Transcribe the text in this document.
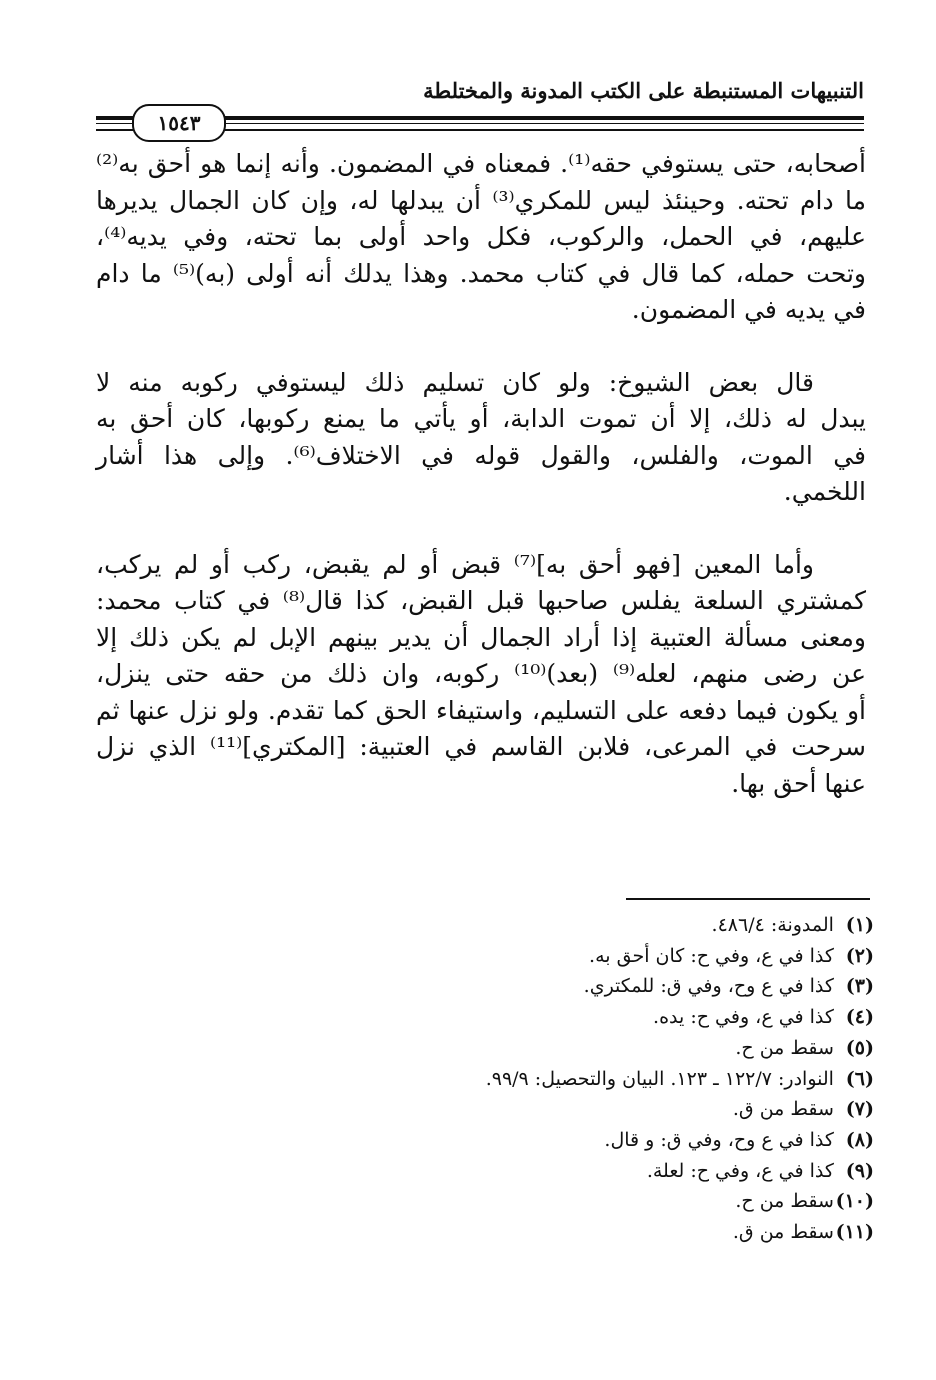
التنبيهات المستنبطة على الكتب المدونة والمختلطة
١٥٤٣

أصحابه، حتى يستوفي حقه⁽¹⁾. فمعناه في المضمون. وأنه إنما هو أحق به⁽²⁾
ما دام تحته. وحينئذ ليس للمكري⁽³⁾ أن يبدلها له، وإن كان الجمال يديرها
عليهم، في الحمل، والركوب، فكل واحد أولى بما تحته، وفي يديه⁽⁴⁾،
وتحت حمله، كما قال في كتاب محمد. وهذا يدلك أنه أولى (به)⁽⁵⁾ ما دام
في يديه في المضمون.

قال بعض الشيوخ: ولو كان تسليم ذلك ليستوفي ركوبه منه لا
يبدل له ذلك، إلا أن تموت الدابة، أو يأتي ما يمنع ركوبها، كان أحق به
في الموت، والفلس، والقول قوله في الاختلاف⁽⁶⁾. وإلى هذا أشار
اللخمي.

وأما المعين [فهو أحق به]⁽⁷⁾ قبض أو لم يقبض، ركب أو لم يركب،
كمشتري السلعة يفلس صاحبها قبل القبض، كذا قال⁽⁸⁾ في كتاب محمد:
ومعنى مسألة العتبية إذا أراد الجمال أن يدير بينهم الإبل لم يكن ذلك إلا
عن رضى منهم، لعله⁽⁹⁾ (بعد)⁽¹⁰⁾ ركوبه، وان ذلك من حقه حتى ينزل،
أو يكون فيما دفعه على التسليم، واستيفاء الحق كما تقدم. ولو نزل عنها ثم
سرحت في المرعى، فلابن القاسم في العتبية: [المكتري]⁽¹¹⁾ الذي نزل
عنها أحق بها.

(١) المدونة: ٤٨٦/٤.
(٢) كذا في ع، وفي ح: كان أحق به.
(٣) كذا في ع وح، وفي ق: للمكتري.
(٤) كذا في ع، وفي ح: يده.
(٥) سقط من ح.
(٦) النوادر: ١٢٢/٧ ـ ١٢٣. البيان والتحصيل: ٩٩/٩.
(٧) سقط من ق.
(٨) كذا في ع وح، وفي ق: و قال.
(٩) كذا في ع، وفي ح: لعلة.
(١٠) سقط من ح.
(١١) سقط من ق.
